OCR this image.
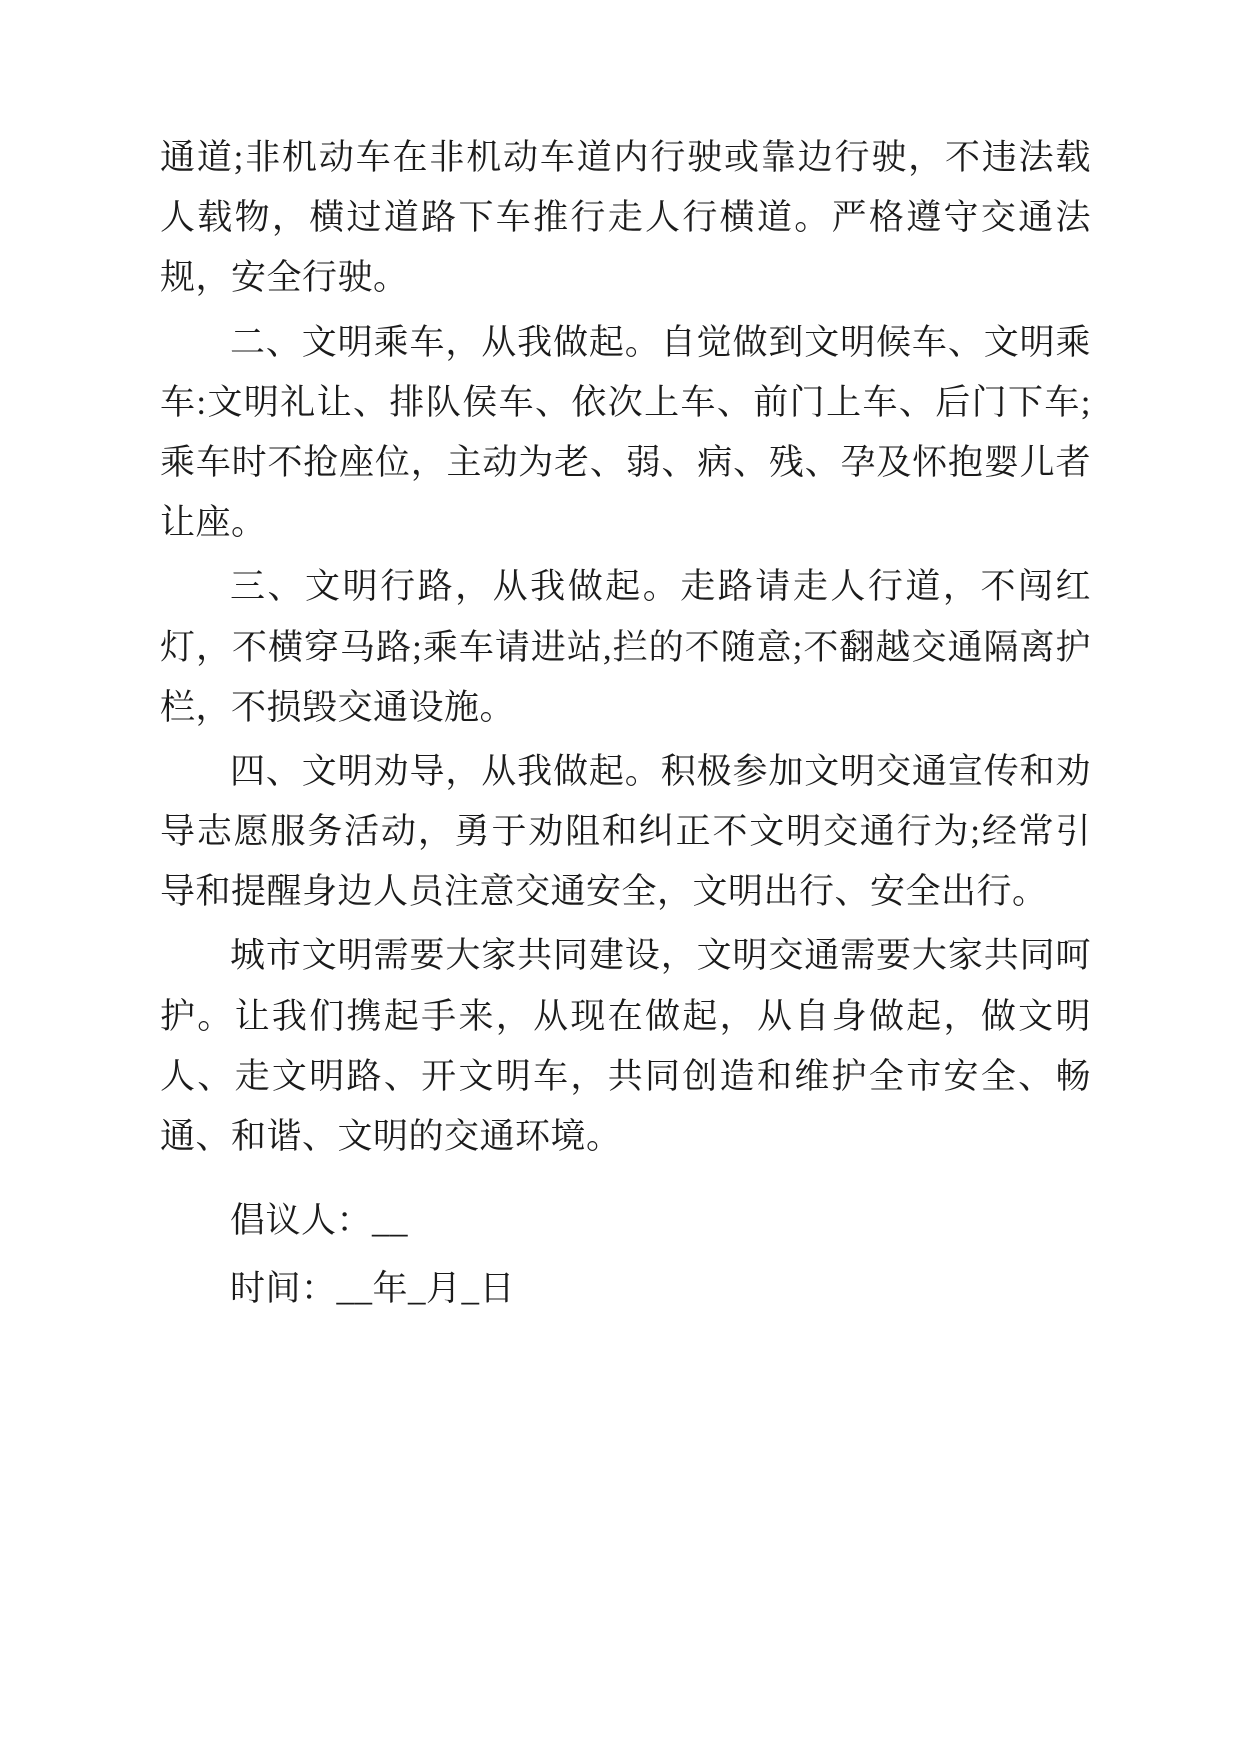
通道;非机动车在非机动车道内行驶或靠边行驶，不违法载人载物，横过道路下车推行走人行横道。严格遵守交通法规，安全行驶。

二、文明乘车，从我做起。自觉做到文明候车、文明乘车:文明礼让、排队侯车、依次上车、前门上车、后门下车;乘车时不抢座位，主动为老、弱、病、残、孕及怀抱婴儿者让座。

三、文明行路，从我做起。走路请走人行道，不闯红灯，不横穿马路;乘车请进站,拦的不随意;不翻越交通隔离护栏，不损毁交通设施。

四、文明劝导，从我做起。积极参加文明交通宣传和劝导志愿服务活动，勇于劝阻和纠正不文明交通行为;经常引导和提醒身边人员注意交通安全，文明出行、安全出行。

城市文明需要大家共同建设，文明交通需要大家共同呵护。让我们携起手来，从现在做起，从自身做起，做文明人、走文明路、开文明车，共同创造和维护全市安全、畅通、和谐、文明的交通环境。

倡议人：__

时间：__年_月_日
